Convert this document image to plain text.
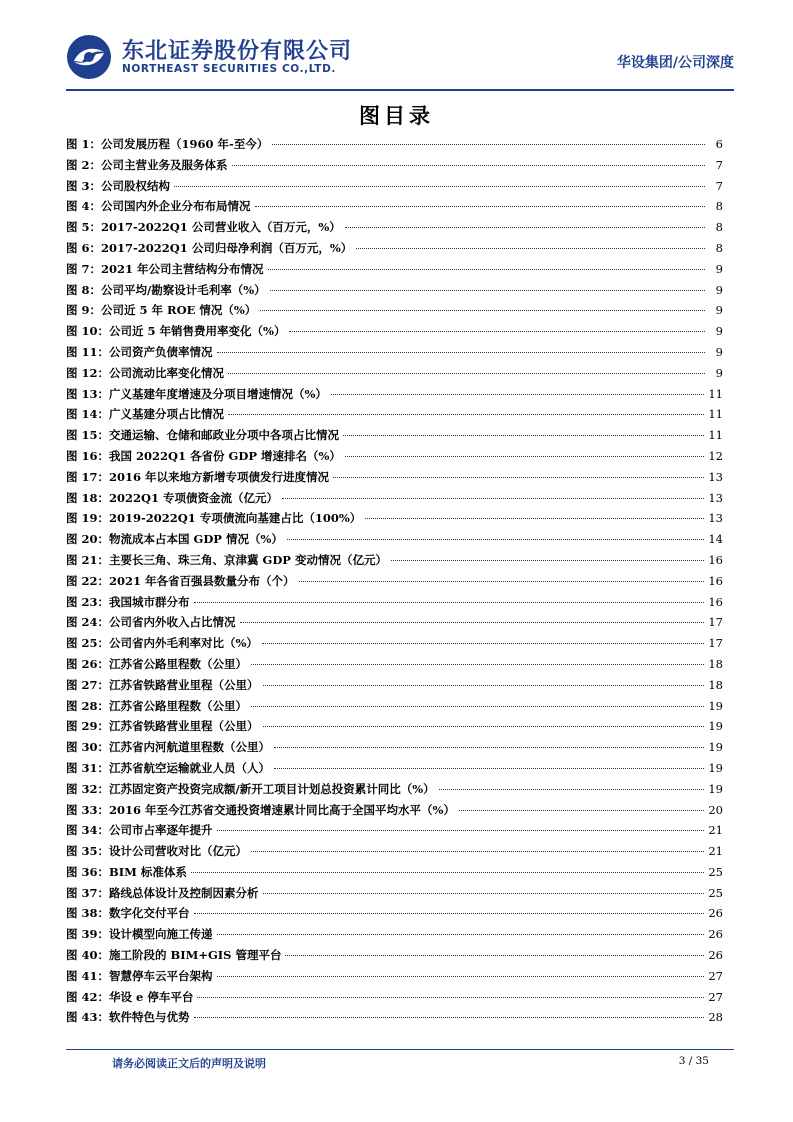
东北证券股份有限公司
NORTHEAST SECURITIES CO.,LTD.	华设集团/公司深度
图目录
图 1：公司发展历程（1960 年-至今）	6
图 2：公司主营业务及服务体系	7
图 3：公司股权结构	7
图 4：公司国内外企业分布布局情况	8
图 5：2017-2022Q1 公司营业收入（百万元，%）	8
图 6：2017-2022Q1 公司归母净利润（百万元，%）	8
图 7：2021 年公司主营结构分布情况	9
图 8：公司平均/勘察设计毛利率（%）	9
图 9：公司近 5 年 ROE 情况（%）	9
图 10：公司近 5 年销售费用率变化（%）	9
图 11：公司资产负债率情况	9
图 12：公司流动比率变化情况	9
图 13：广义基建年度增速及分项目增速情况（%）	11
图 14：广义基建分项占比情况	11
图 15：交通运输、仓储和邮政业分项中各项占比情况	11
图 16：我国 2022Q1 各省份 GDP 增速排名（%）	12
图 17：2016 年以来地方新增专项债发行进度情况	13
图 18：2022Q1 专项债资金流（亿元）	13
图 19：2019-2022Q1 专项债流向基建占比（100%）	13
图 20：物流成本占本国 GDP 情况（%）	14
图 21：主要长三角、珠三角、京津冀 GDP 变动情况（亿元）	16
图 22：2021 年各省百强县数量分布（个）	16
图 23：我国城市群分布	16
图 24：公司省内外收入占比情况	17
图 25：公司省内外毛利率对比（%）	17
图 26：江苏省公路里程数（公里）	18
图 27：江苏省铁路营业里程（公里）	18
图 28：江苏省公路里程数（公里）	19
图 29：江苏省铁路营业里程（公里）	19
图 30：江苏省内河航道里程数（公里）	19
图 31：江苏省航空运输就业人员（人）	19
图 32：江苏固定资产投资完成额/新开工项目计划总投资累计同比（%）	19
图 33：2016 年至今江苏省交通投资增速累计同比高于全国平均水平（%）	20
图 34：公司市占率逐年提升	21
图 35：设计公司营收对比（亿元）	21
图 36：BIM 标准体系	25
图 37：路线总体设计及控制因素分析	25
图 38：数字化交付平台	26
图 39：设计模型向施工传递	26
图 40：施工阶段的 BIM+GIS 管理平台	26
图 41：智慧停车云平台架构	27
图 42：华设 e 停车平台	27
图 43：软件特色与优势	28
请务必阅读正文后的声明及说明	3 / 35
